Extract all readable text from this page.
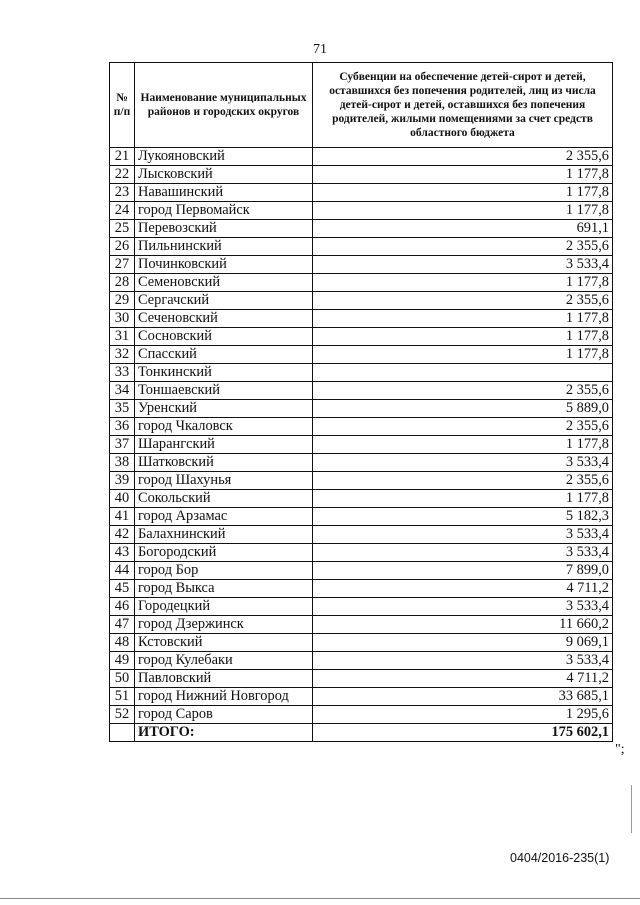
71
№ п/п	Наименование муниципальных районов и городских округов	Субвенции на обеспечение детей-сирот и детей, оставшихся без попечения родителей, лиц из числа детей-сирот и детей, оставшихся без попечения родителей, жилыми помещениями за счет средств областного бюджета
21	Лукояновский	2 355,6
22	Лысковский	1 177,8
23	Навашинский	1 177,8
24	город Первомайск	1 177,8
25	Перевозский	691,1
26	Пильнинский	2 355,6
27	Починковский	3 533,4
28	Семеновский	1 177,8
29	Сергачский	2 355,6
30	Сеченовский	1 177,8
31	Сосновский	1 177,8
32	Спасский	1 177,8
33	Тонкинский	
34	Тоншаевский	2 355,6
35	Уренский	5 889,0
36	город Чкаловск	2 355,6
37	Шарангский	1 177,8
38	Шатковский	3 533,4
39	город Шахунья	2 355,6
40	Сокольский	1 177,8
41	город Арзамас	5 182,3
42	Балахнинский	3 533,4
43	Богородский	3 533,4
44	город Бор	7 899,0
45	город Выкса	4 711,2
46	Городецкий	3 533,4
47	город Дзержинск	11 660,2
48	Кстовский	9 069,1
49	город Кулебаки	3 533,4
50	Павловский	4 711,2
51	город Нижний Новгород	33 685,1
52	город Саров	1 295,6
	ИТОГО:	175 602,1
";
0404/2016-235(1)
